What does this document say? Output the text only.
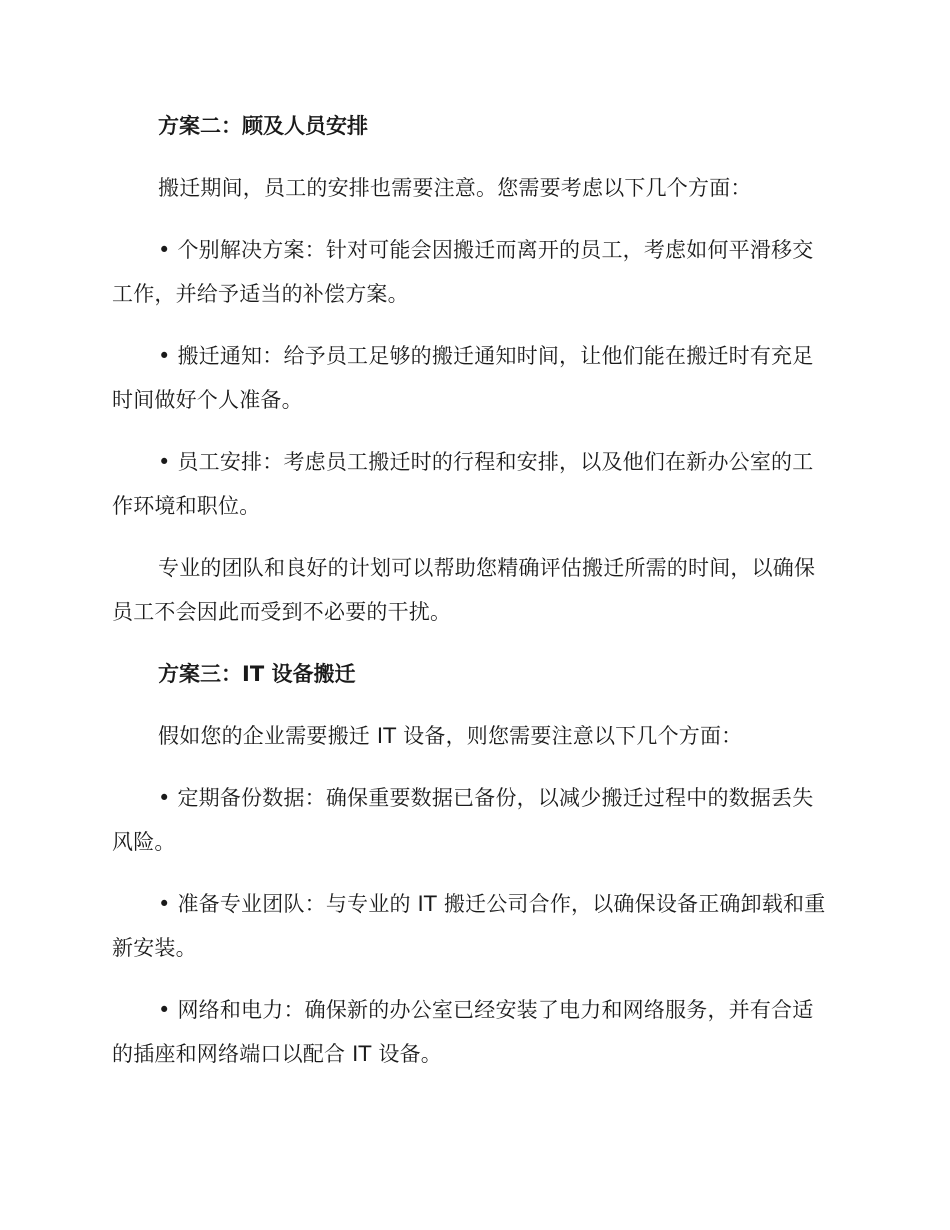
方案二：顾及人员安排

搬迁期间，员工的安排也需要注意。您需要考虑以下几个方面：

• 个别解决方案：针对可能会因搬迁而离开的员工，考虑如何平滑移交工作，并给予适当的补偿方案。

• 搬迁通知：给予员工足够的搬迁通知时间，让他们能在搬迁时有充足时间做好个人准备。

• 员工安排：考虑员工搬迁时的行程和安排，以及他们在新办公室的工作环境和职位。

专业的团队和良好的计划可以帮助您精确评估搬迁所需的时间，以确保员工不会因此而受到不必要的干扰。

方案三：IT 设备搬迁

假如您的企业需要搬迁 IT 设备，则您需要注意以下几个方面：

• 定期备份数据：确保重要数据已备份，以减少搬迁过程中的数据丢失风险。

• 准备专业团队：与专业的 IT 搬迁公司合作，以确保设备正确卸载和重新安装。

• 网络和电力：确保新的办公室已经安装了电力和网络服务，并有合适的插座和网络端口以配合 IT 设备。
